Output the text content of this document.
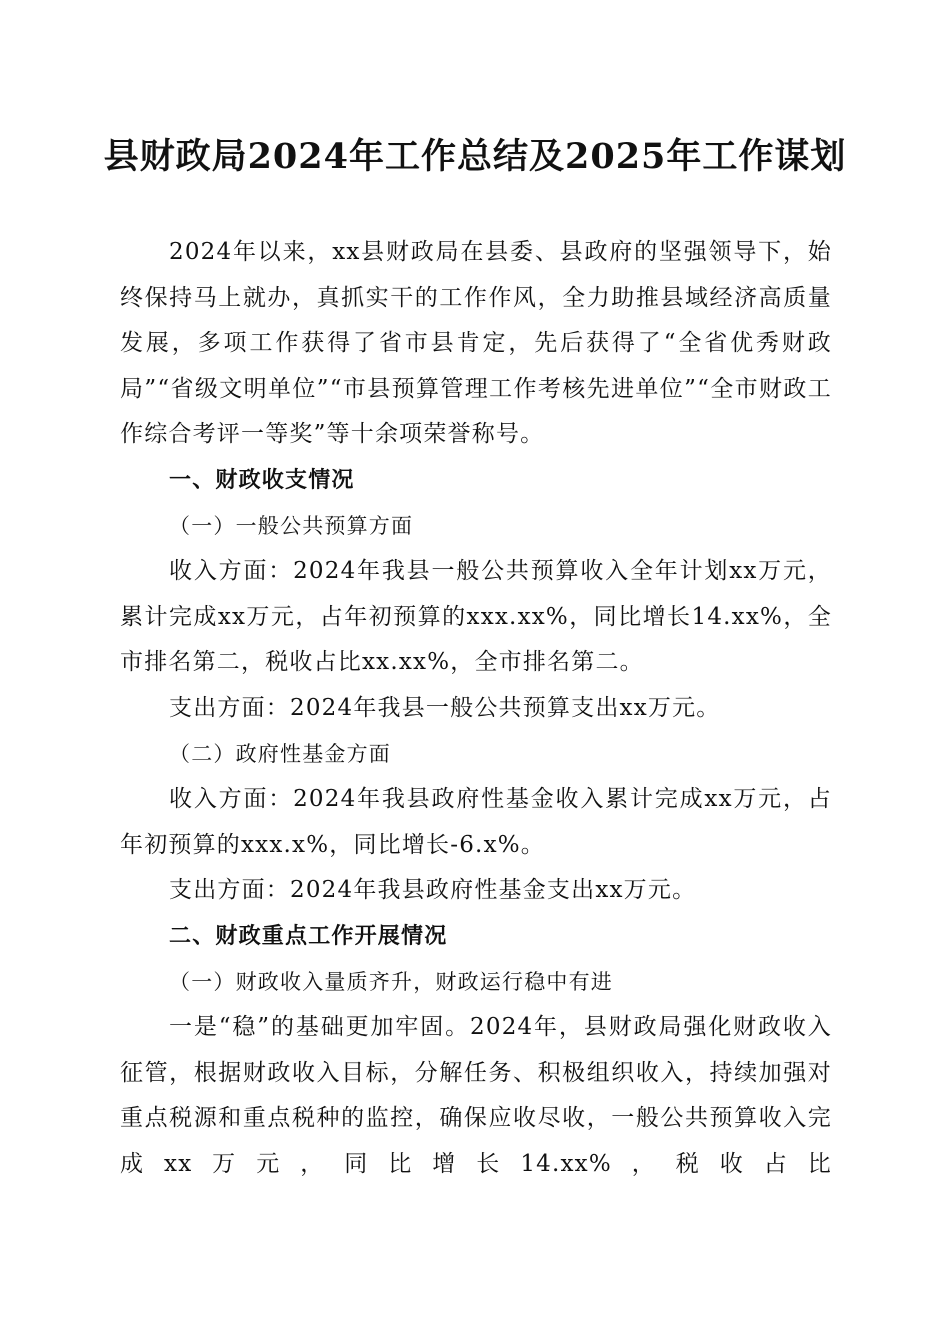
县财政局2024年工作总结及2025年工作谋划

2024年以来，xx县财政局在县委、县政府的坚强领导下，始终保持马上就办，真抓实干的工作作风，全力助推县域经济高质量发展，多项工作获得了省市县肯定，先后获得了“全省优秀财政局”“省级文明单位”“市县预算管理工作考核先进单位”“全市财政工作综合考评一等奖”等十余项荣誉称号。

一、财政收支情况

（一）一般公共预算方面

收入方面：2024年我县一般公共预算收入全年计划xx万元，累计完成xx万元，占年初预算的xxx.xx%，同比增长14.xx%，全市排名第二，税收占比xx.xx%，全市排名第二。

支出方面：2024年我县一般公共预算支出xx万元。

（二）政府性基金方面

收入方面：2024年我县政府性基金收入累计完成xx万元，占年初预算的xxx.x%，同比增长-6.x%。

支出方面：2024年我县政府性基金支出xx万元。

二、财政重点工作开展情况

（一）财政收入量质齐升，财政运行稳中有进

一是“稳”的基础更加牢固。2024年，县财政局强化财政收入征管，根据财政收入目标，分解任务、积极组织收入，持续加强对重点税源和重点税种的监控，确保应收尽收，一般公共预算收入完成xx万元，同比增长14.xx%，税收占比
